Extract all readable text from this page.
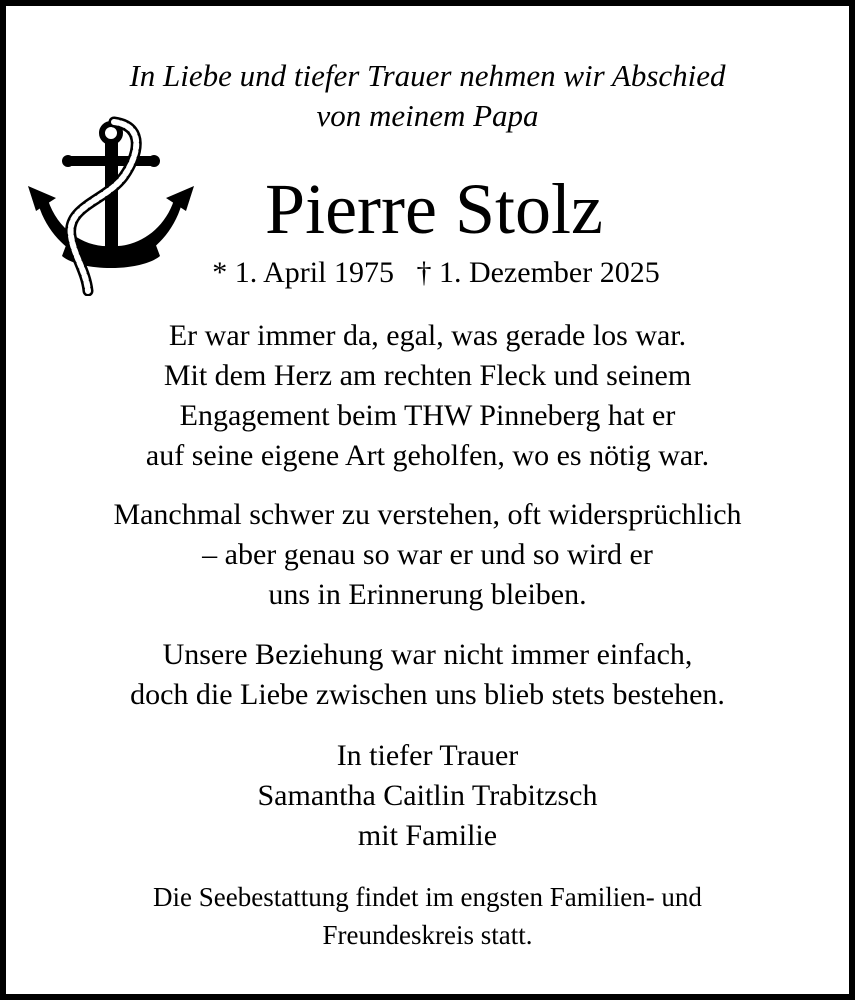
In Liebe und tiefer Trauer nehmen wir Abschied
von meinem Papa
Pierre Stolz
* 1. April 1975 † 1. Dezember 2025
Er war immer da, egal, was gerade los war.
Mit dem Herz am rechten Fleck und seinem
Engagement beim THW Pinneberg hat er
auf seine eigene Art geholfen, wo es nötig war.
Manchmal schwer zu verstehen, oft widersprüchlich
– aber genau so war er und so wird er
uns in Erinnerung bleiben.
Unsere Beziehung war nicht immer einfach,
doch die Liebe zwischen uns blieb stets bestehen.
In tiefer Trauer
Samantha Caitlin Trabitzsch
mit Familie
Die Seebestattung findet im engsten Familien- und
Freundeskreis statt.
